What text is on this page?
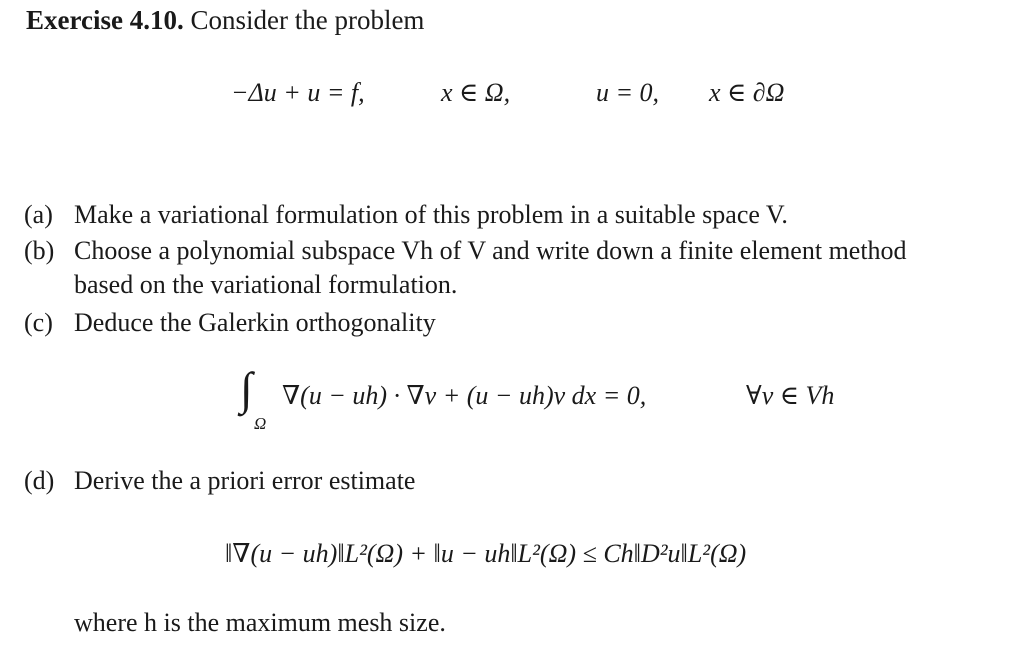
Exercise 4.10. Consider the problem
−Δu + u = f,	x ∈ Ω,	u = 0, x ∈ ∂Ω
(a) Make a variational formulation of this problem in a suitable space V.
(b) Choose a polynomial subspace Vh of V and write down a finite element method
based on the variational formulation.
(c) Deduce the Galerkin orthogonality
∫
Ω
∇(u − uh) · ∇v + (u − uh)v dx = 0,	∀v ∈ Vh
(d) Derive the a priori error estimate
‖∇(u − uh)‖L²(Ω) + ‖u − uh‖L²(Ω) ≤ Ch‖D²u‖L²(Ω)
where h is the maximum mesh size.
